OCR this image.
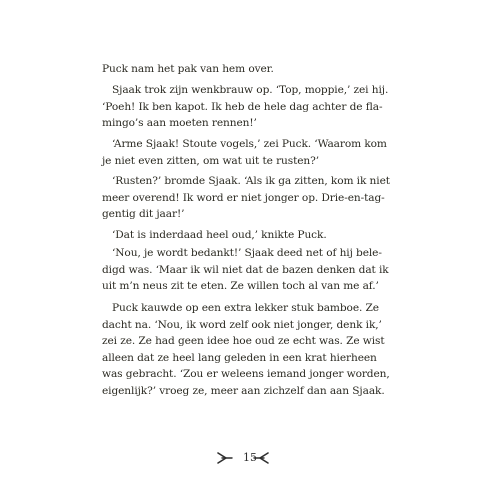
Puck nam het pak van hem over.
Sjaak trok zijn wenkbrauw op. ‘Top, moppie,’ zei hij.
‘Poeh! Ik ben kapot. Ik heb de hele dag achter de fla-
mingo’s aan moeten rennen!’
‘Arme Sjaak! Stoute vogels,’ zei Puck. ‘Waarom kom
je niet even zitten, om wat uit te rusten?’
‘Rusten?’ bromde Sjaak. ‘Als ik ga zitten, kom ik niet
meer overend! Ik word er niet jonger op. Drie-en-tag-
gentig dit jaar!’
‘Dat is inderdaad heel oud,’ knikte Puck.
‘Nou, je wordt bedankt!’ Sjaak deed net of hij bele-
digd was. ‘Maar ik wil niet dat de bazen denken dat ik
uit m’n neus zit te eten. Ze willen toch al van me af.’
Puck kauwde op een extra lekker stuk bamboe. Ze
dacht na. ‘Nou, ik word zelf ook niet jonger, denk ik,’
zei ze. Ze had geen idee hoe oud ze echt was. Ze wist
alleen dat ze heel lang geleden in een krat hierheen
was gebracht. ‘Zou er weleens iemand jonger worden,
eigenlijk?’ vroeg ze, meer aan zichzelf dan aan Sjaak.
15
